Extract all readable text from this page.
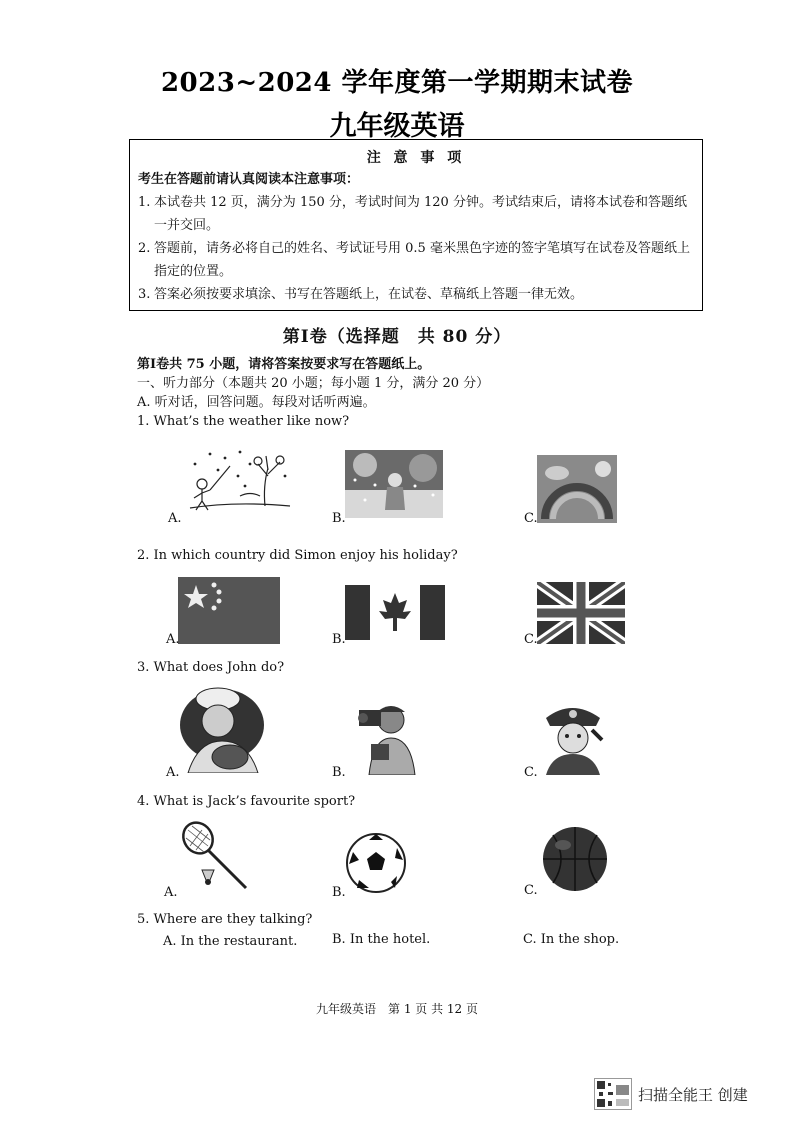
2023~2024 学年度第一学期期末试卷
九年级英语
注 意 事 项
考生在答题前请认真阅读本注意事项：
1. 本试卷共 12 页，满分为 150 分，考试时间为 120 分钟。考试结束后，请将本试卷和答题纸一并交回。
2. 答题前，请务必将自己的姓名、考试证号用 0.5 毫米黑色字迹的签字笔填写在试卷及答题纸上指定的位置。
3. 答案必须按要求填涂、书写在答题纸上，在试卷、草稿纸上答题一律无效。
第Ⅰ卷（选择题　共 80 分）
第Ⅰ卷共 75 小题，请将答案按要求写在答题纸上。
一、听力部分（本题共 20 小题；每小题 1 分，满分 20 分）
A. 听对话，回答问题。每段对话听两遍。
1. What’s the weather like now?
A.	B.	C.
2. In which country did Simon enjoy his holiday?
A.	B.	C.
3. What does John do?
A.	B.	C.
4. What is Jack’s favourite sport?
A.	B.	C.
5. Where are they talking?
A. In the restaurant.	B. In the hotel.	C. In the shop.
九年级英语　第 1 页 共 12 页
扫描全能王 创建
